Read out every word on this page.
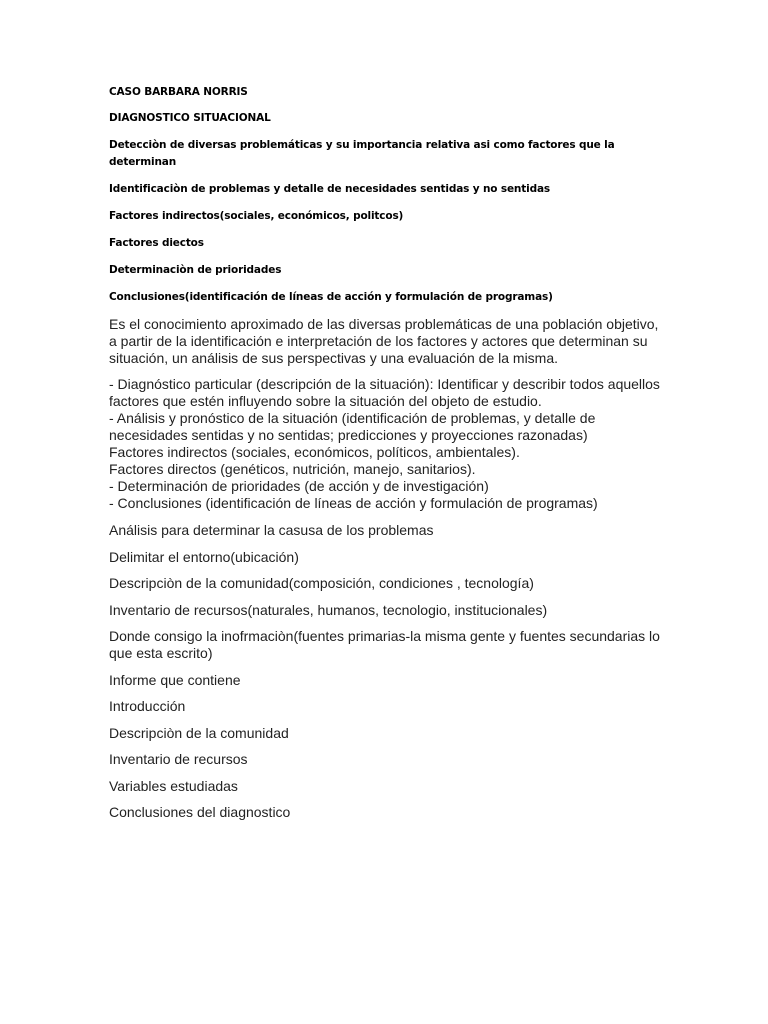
CASO BARBARA NORRIS

DIAGNOSTICO SITUACIONAL

Detecciòn de diversas problemáticas y su importancia relativa asi como factores que la determinan

Identificaciòn de problemas y detalle de necesidades sentidas y no sentidas

Factores indirectos(sociales, económicos, politcos)

Factores diectos

Determinaciòn de prioridades

Conclusiones(identificación de líneas de acción y formulación de programas)

Es el conocimiento aproximado de las diversas problemáticas de una población objetivo, a partir de la identificación e interpretación de los factores y actores que determinan su situación, un análisis de sus perspectivas y una evaluación de la misma.

- Diagnóstico particular (descripción de la situación): Identificar y describir todos aquellos factores que estén influyendo sobre la situación del objeto de estudio.
- Análisis y pronóstico de la situación (identificación de problemas, y detalle de necesidades sentidas y no sentidas; predicciones y proyecciones razonadas)
Factores indirectos (sociales, económicos, políticos, ambientales).
Factores directos (genéticos, nutrición, manejo, sanitarios).
- Determinación de prioridades (de acción y de investigación)
- Conclusiones (identificación de líneas de acción y formulación de programas)

Análisis para determinar la casusa de los problemas

Delimitar el entorno(ubicación)

Descripciòn de la comunidad(composición, condiciones , tecnología)

Inventario de recursos(naturales, humanos, tecnologio, institucionales)

Donde consigo la inofrmaciòn(fuentes primarias-la misma gente y fuentes secundarias lo que esta escrito)

Informe que contiene

Introducción

Descripciòn de la comunidad

Inventario de recursos

Variables estudiadas

Conclusiones del diagnostico
